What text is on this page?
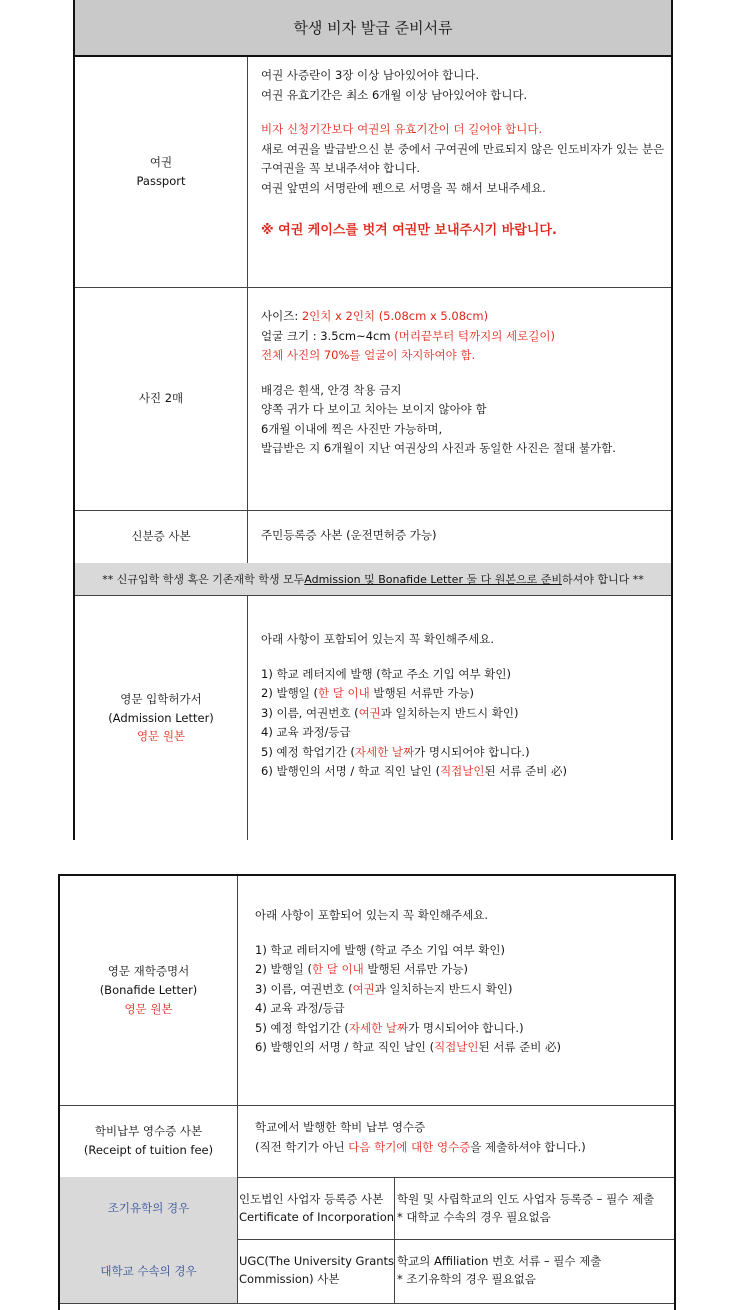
학생 비자 발급 준비서류
여권
Passport
여권 사증란이 3장 이상 남아있어야 합니다.
여권 유효기간은 최소 6개월 이상 남아있어야 합니다.
비자 신청기간보다 여권의 유효기간이 더 길어야 합니다.
새로 여권을 발급받으신 분 중에서 구여권에 만료되지 않은 인도비자가 있는 분은
구여권을 꼭 보내주셔야 합니다.
여권 앞면의 서명란에 펜으로 서명을 꼭 해서 보내주세요.
※ 여권 케이스를 벗겨 여권만 보내주시기 바랍니다.
사진 2매
사이즈: 2인치 x 2인치 (5.08cm x 5.08cm)
얼굴 크기 : 3.5cm~4cm (머리끝부터 턱까지의 세로길이)
전체 사진의 70%를 얼굴이 차지하여야 함.
배경은 흰색, 안경 착용 금지
양쪽 귀가 다 보이고 치아는 보이지 않아야 함
6개월 이내에 찍은 사진만 가능하며,
발급받은 지 6개월이 지난 여권상의 사진과 동일한 사진은 절대 불가함.
신분증 사본	주민등록증 사본 (운전면허증 가능)
** 신규입학 학생 혹은 기존재학 학생 모두 Admission 및 Bonafide Letter 둘 다 원본으로 준비 하셔야 합니다 **
영문 입학허가서
(Admission Letter)
영문 원본
아래 사항이 포함되어 있는지 꼭 확인해주세요.
1) 학교 레터지에 발행 (학교 주소 기입 여부 확인)
2) 발행일 (한 달 이내 발행된 서류만 가능)
3) 이름, 여권번호 (여권과 일치하는지 반드시 확인)
4) 교육 과정/등급
5) 예정 학업기간 (자세한 날짜가 명시되어야 합니다.)
6) 발행인의 서명 / 학교 직인 날인 (직접날인된 서류 준비 必)
영문 재학증명서
(Bonafide Letter)
영문 원본
아래 사항이 포함되어 있는지 꼭 확인해주세요.
1) 학교 레터지에 발행 (학교 주소 기입 여부 확인)
2) 발행일 (한 달 이내 발행된 서류만 가능)
3) 이름, 여권번호 (여권과 일치하는지 반드시 확인)
4) 교육 과정/등급
5) 예정 학업기간 (자세한 날짜가 명시되어야 합니다.)
6) 발행인의 서명 / 학교 직인 날인 (직접날인된 서류 준비 必)
학비납부 영수증 사본
(Receipt of tuition fee)
학교에서 발행한 학비 납부 영수증
(직전 학기가 아닌 다음 학기에 대한 영수증을 제출하셔야 합니다.)
조기유학의 경우
인도법인 사업자 등록증 사본
Certificate of Incorporation
학원 및 사립학교의 인도 사업자 등록증 – 필수 제출
* 대학교 수속의 경우 필요없음
대학교 수속의 경우
UGC(The University Grants
Commission) 사본
학교의 Affiliation 번호 서류 – 필수 제출
* 조기유학의 경우 필요없음
